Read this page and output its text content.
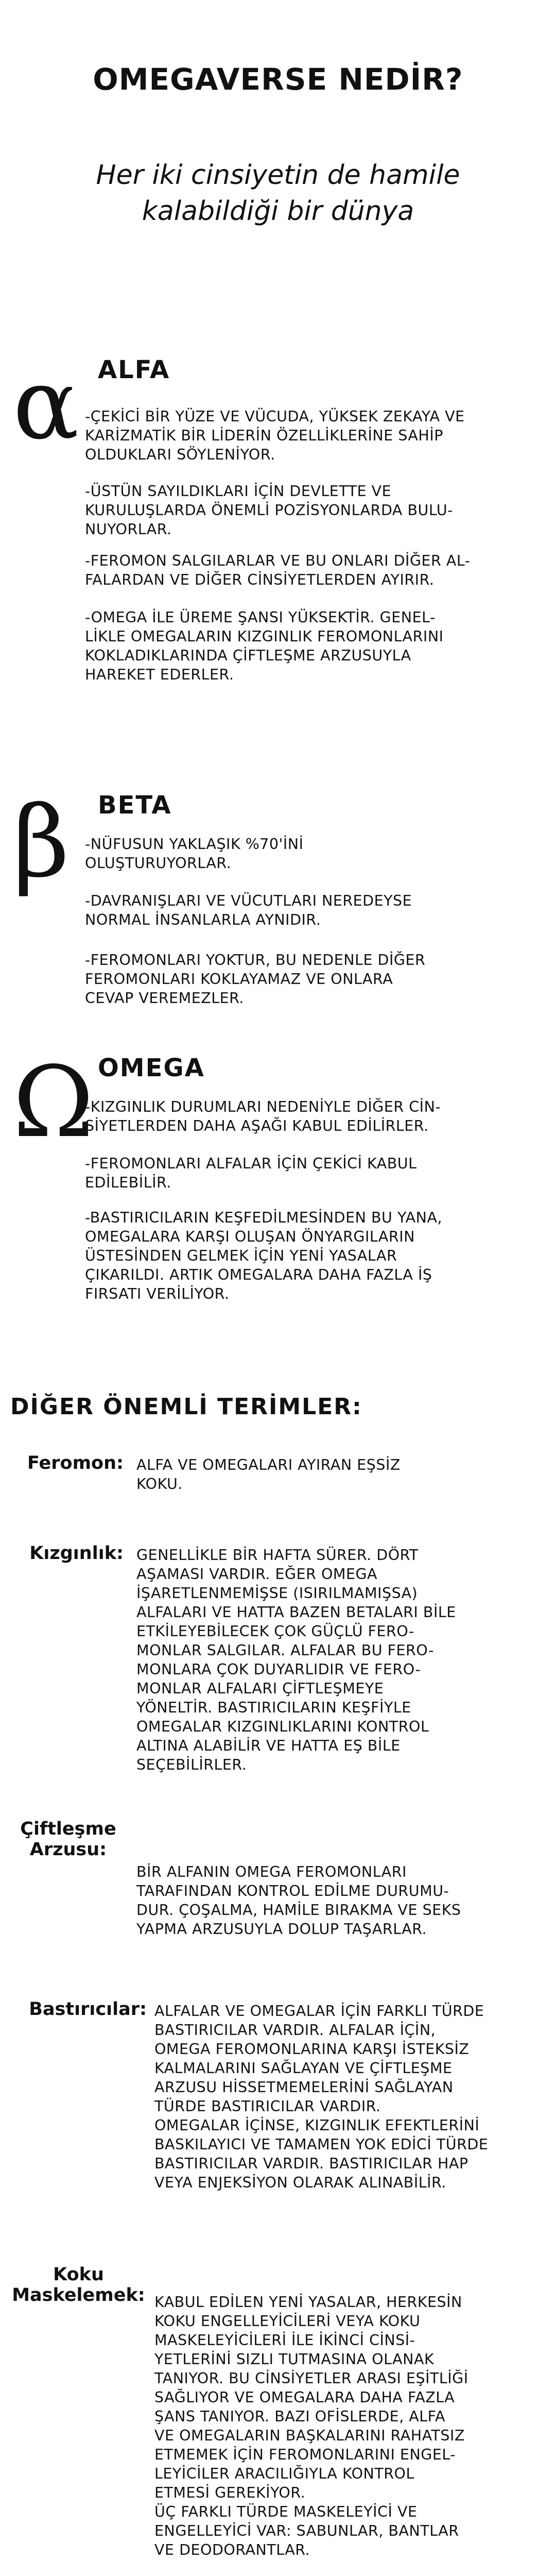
OMEGAVERSE NEDİR?
Her iki cinsiyetin de hamile
kalabildiği bir dünya
ALFA
α -ÇEKİCİ BİR YÜZE VE VÜCUDA, YÜKSEK ZEKAYA VE
KARİZMATİK BİR LİDERİN ÖZELLİKLERİNE SAHİP
OLDUKLARI SÖYLENİYOR.
-ÜSTÜN SAYILDIKLARI İÇİN DEVLETTE VE
KURULUŞLARDA ÖNEMLİ POZİSYONLARDA BULU-
NUYORLAR.
-FEROMON SALGILARLAR VE BU ONLARI DİĞER AL-
FALARDAN VE DİĞER CİNSİYETLERDEN AYIRIR.
-OMEGA İLE ÜREME ŞANSI YÜKSEKTİR. GENEL-
LİKLE OMEGALARIN KIZGINLIK FEROMONLARINI
KOKLADIKLARINDA ÇİFTLEŞME ARZUSUYLA
HAREKET EDERLER.
BETA
β -NÜFUSUN YAKLAŞIK %70'İNİ
OLUŞTURUYORLAR.
-DAVRANIŞLARI VE VÜCUTLARI NEREDEYSE
NORMAL İNSANLARLA AYNIDIR.
-FEROMONLARI YOKTUR, BU NEDENLE DİĞER
FEROMONLARI KOKLAYAMAZ VE ONLARA
CEVAP VEREMEZLER.
OMEGA
Ω
-KIZGINLIK DURUMLARI NEDENİYLE DİĞER CİN-
SİYETLERDEN DAHA AŞAĞI KABUL EDİLİRLER.
-FEROMONLARI ALFALAR İÇİN ÇEKİCİ KABUL
EDİLEBİLİR.
-BASTIRICILARIN KEŞFEDİLMESİNDEN BU YANA,
OMEGALARA KARŞI OLUŞAN ÖNYARGILARIN
ÜSTESİNDEN GELMEK İÇİN YENİ YASALAR
ÇIKARILDI. ARTIK OMEGALARA DAHA FAZLA İŞ
FIRSATI VERİLİYOR.
DİĞER ÖNEMLİ TERİMLER:
Feromon: ALFA VE OMEGALARI AYIRAN EŞSİZ
KOKU.
Kızgınlık: GENELLİKLE BİR HAFTA SÜRER. DÖRT
AŞAMASI VARDIR. EĞER OMEGA
İŞARETLENMEMİŞSE (ISIRILMAMIŞSA)
ALFALARI VE HATTA BAZEN BETALARI BİLE
ETKİLEYEBİLECEK ÇOK GÜÇLÜ FERO-
MONLAR SALGILAR. ALFALAR BU FERO-
MONLARA ÇOK DUYARLIDIR VE FERO-
MONLAR ALFALARI ÇİFTLEŞMEYE
YÖNELTİR. BASTIRICILARIN KEŞFİYLE
OMEGALAR KIZGINLIKLARINI KONTROL
ALTINA ALABİLİR VE HATTA EŞ BİLE
SEÇEBİLİRLER.
Çiftleşme
Arzusu:
BİR ALFANIN OMEGA FEROMONLARI
TARAFINDAN KONTROL EDİLME DURUMU-
DUR. ÇOŞALMA, HAMİLE BIRAKMA VE SEKS
YAPMA ARZUSUYLA DOLUP TAŞARLAR.
Bastırıcılar: ALFALAR VE OMEGALAR İÇİN FARKLI TÜRDE
BASTIRICILAR VARDIR. ALFALAR İÇİN,
OMEGA FEROMONLARINA KARŞI İSTEKSİZ
KALMALARINI SAĞLAYAN VE ÇİFTLEŞME
ARZUSU HİSSETMEMELERİNİ SAĞLAYAN
TÜRDE BASTIRICILAR VARDIR.
OMEGALAR İÇİNSE, KIZGINLIK EFEKTLERİNİ
BASKILAYICI VE TAMAMEN YOK EDİCİ TÜRDE
BASTIRICILAR VARDIR. BASTIRICILAR HAP
VEYA ENJEKSİYON OLARAK ALINABİLİR.
Koku
Maskelemek: KABUL EDİLEN YENİ YASALAR, HERKESİN
KOKU ENGELLEYİCİLERİ VEYA KOKU
MASKELEYİCİLERİ İLE İKİNCİ CİNSİ-
YETLERİNİ SIZLI TUTMASINA OLANAK
TANIYOR. BU CİNSİYETLER ARASI EŞİTLİĞİ
SAĞLIYOR VE OMEGALARA DAHA FAZLA
ŞANS TANIYOR. BAZI OFİSLERDE, ALFA
VE OMEGALARIN BAŞKALARINI RAHATSIZ
ETMEMEK İÇİN FEROMONLARINI ENGEL-
LEYİCİLER ARACILIĞIYLA KONTROL
ETMESİ GEREKİYOR.
ÜÇ FARKLI TÜRDE MASKELEYİCİ VE
ENGELLEYİCİ VAR: SABUNLAR, BANTLAR
VE DEODORANTLAR.
